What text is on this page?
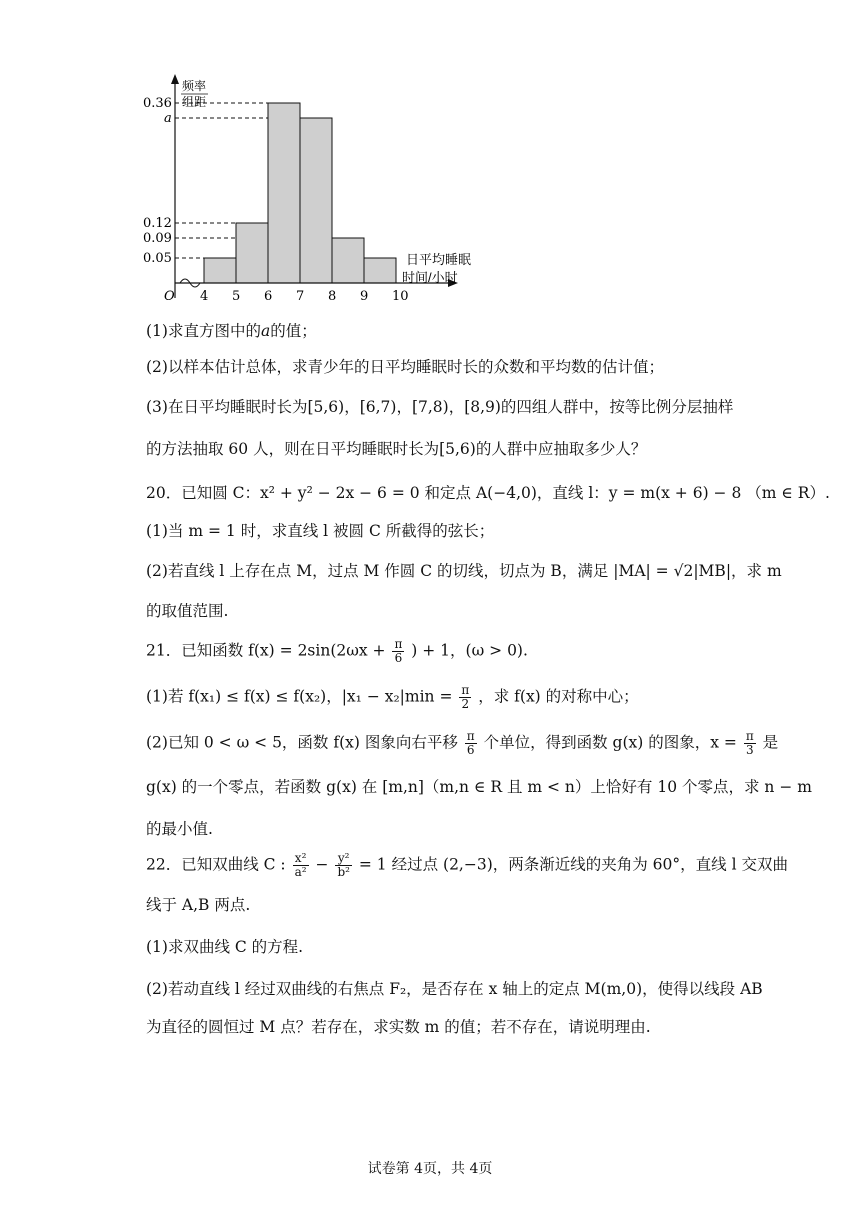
4 5 6 7 8 9 10
0.36
a
0.12
0.09
0.05
频率
组距
日平均睡眠
时间/小时
O
(1)求直方图中的a的值；
(2)以样本估计总体，求青少年的日平均睡眠时长的众数和平均数的估计值；
(3)在日平均睡眠时长为[5,6)，[6,7)，[7,8)，[8,9)的四组人群中，按等比例分层抽样
的方法抽取 60 人，则在日平均睡眠时长为[5,6)的人群中应抽取多少人？
20．已知圆 C：x² + y² − 2x − 6 = 0 和定点 A(−4,0)，直线 l：y = m(x + 6) − 8 （m ∈ R）.
(1)当 m = 1 时，求直线 l 被圆 C 所截得的弦长；
(2)若直线 l 上存在点 M，过点 M 作圆 C 的切线，切点为 B，满足 |MA| = √2|MB|，求 m
的取值范围.
21．已知函数 $f(x) = 2\sin(2\omega x + \frac{\pi}{6}$ ) + 1，(ω > 0).
(1)若 f(x₁) ≤ f(x) ≤ f(x₂)，$|x_1 - x_2|\min = \frac{\pi}{2}$ ，求 f(x) 的对称中心；
(2)已知 0 < ω < 5，函数 f(x) 图象向右平移 $\frac{\pi}{6}$ 个单位，得到函数 g(x) 的图象，$x = \frac{\pi}{3}$ 是
g(x) 的一个零点，若函数 g(x) 在 [m,n]（m,n ∈ R 且 m < n）上恰好有 10 个零点，求 n − m
的最小值.
22．已知双曲线 C : $\frac{\text{x²}}{\text{a²}} - \frac{\text{y²}}{\text{b²}} = 1$ 经过点 (2,−3)，两条渐近线的夹角为 60°，直线 l 交双曲
线于 A,B 两点.
(1)求双曲线 C 的方程.
(2)若动直线 l 经过双曲线的右焦点 F₂，是否存在 x 轴上的定点 M(m,0)，使得以线段 AB
为直径的圆恒过 M 点？若存在，求实数 m 的值；若不存在，请说明理由.
试卷第 4页，共 4页
